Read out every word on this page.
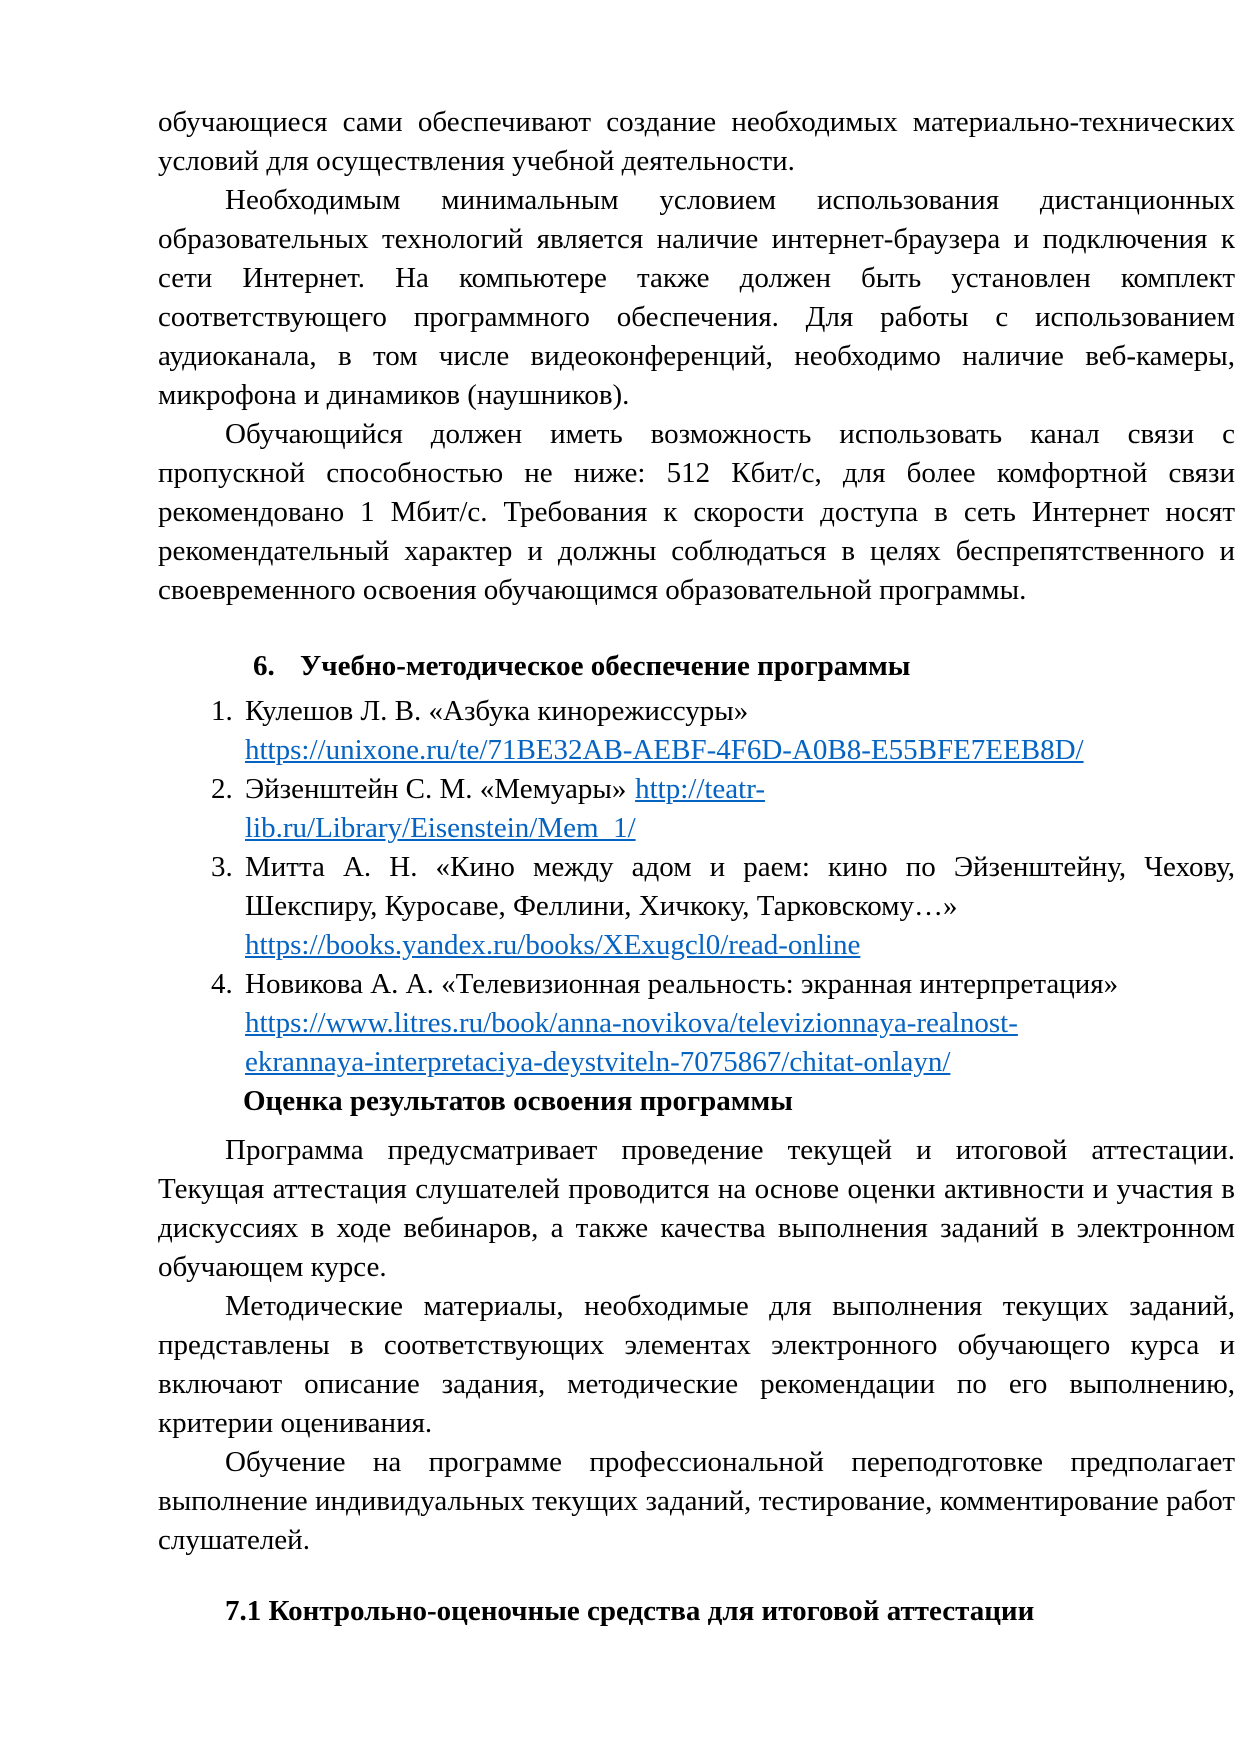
обучающиеся сами обеспечивают создание необходимых материально-технических условий для осуществления учебной деятельности.

Необходимым минимальным условием использования дистанционных образовательных технологий является наличие интернет-браузера и подключения к сети Интернет. На компьютере также должен быть установлен комплект соответствующего программного обеспечения. Для работы с использованием аудиоканала, в том числе видеоконференций, необходимо наличие веб-камеры, микрофона и динамиков (наушников).

Обучающийся должен иметь возможность использовать канал связи с пропускной способностью не ниже: 512 Кбит/с, для более комфортной связи рекомендовано 1 Мбит/с. Требования к скорости доступа в сеть Интернет носят рекомендательный характер и должны соблюдаться в целях беспрепятственного и своевременного освоения обучающимся образовательной программы.

6. Учебно-методическое обеспечение программы
1. Кулешов Л. В. «Азбука кинорежиссуры»
https://unixone.ru/te/71BE32AB-AEBF-4F6D-A0B8-E55BFE7EEB8D/
2. Эйзенштейн С. М. «Мемуары» http://teatr-
lib.ru/Library/Eisenstein/Mem_1/
3. Митта А. Н. «Кино между адом и раем: кино по Эйзенштейну, Чехову, Шекспиру, Куросаве, Феллини, Хичкоку, Тарковскому…»
https://books.yandex.ru/books/XExugcl0/read-online
4. Новикова А. А. «Телевизионная реальность: экранная интерпретация»
https://www.litres.ru/book/anna-novikova/televizionnaya-realnost-
ekrannaya-interpretaciya-deystviteln-7075867/chitat-onlayn/
Оценка результатов освоения программы

Программа предусматривает проведение текущей и итоговой аттестации. Текущая аттестация слушателей проводится на основе оценки активности и участия в дискуссиях в ходе вебинаров, а также качества выполнения заданий в электронном обучающем курсе.

Методические материалы, необходимые для выполнения текущих заданий, представлены в соответствующих элементах электронного обучающего курса и включают описание задания, методические рекомендации по его выполнению, критерии оценивания.

Обучение на программе профессиональной переподготовке предполагает выполнение индивидуальных текущих заданий, тестирование, комментирование работ слушателей.

7.1 Контрольно-оценочные средства для итоговой аттестации
